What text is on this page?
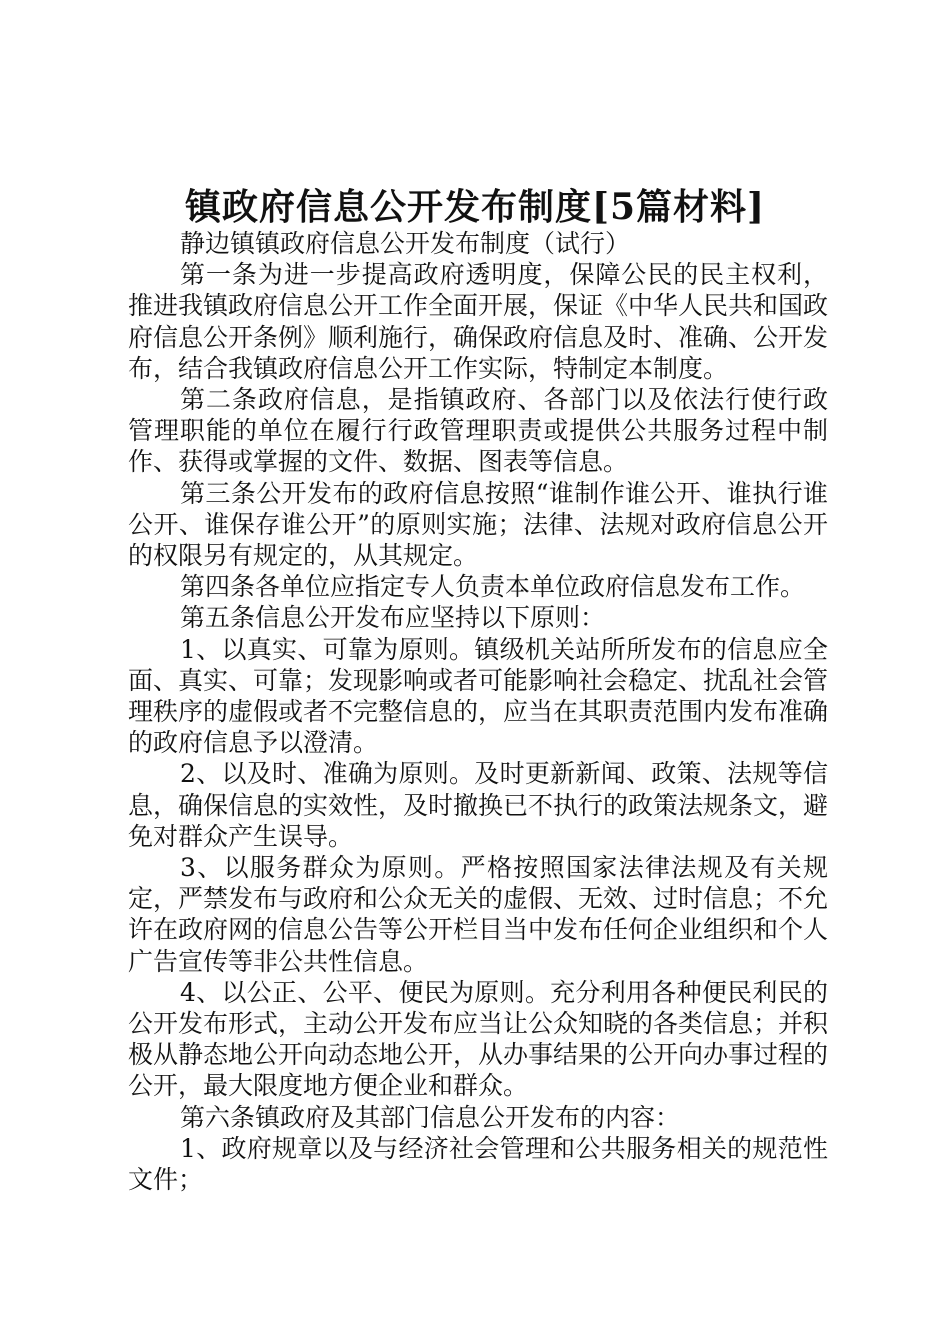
镇政府信息公开发布制度[5篇材料]

静边镇镇政府信息公开发布制度（试行）

第一条为进一步提高政府透明度，保障公民的民主权利，推进我镇政府信息公开工作全面开展，保证《中华人民共和国政府信息公开条例》顺利施行，确保政府信息及时、准确、公开发布，结合我镇政府信息公开工作实际，特制定本制度。

第二条政府信息，是指镇政府、各部门以及依法行使行政管理职能的单位在履行行政管理职责或提供公共服务过程中制作、获得或掌握的文件、数据、图表等信息。

第三条公开发布的政府信息按照“谁制作谁公开、谁执行谁公开、谁保存谁公开”的原则实施；法律、法规对政府信息公开的权限另有规定的，从其规定。

第四条各单位应指定专人负责本单位政府信息发布工作。

第五条信息公开发布应坚持以下原则：

1、以真实、可靠为原则。镇级机关站所所发布的信息应全面、真实、可靠；发现影响或者可能影响社会稳定、扰乱社会管理秩序的虚假或者不完整信息的，应当在其职责范围内发布准确的政府信息予以澄清。

2、以及时、准确为原则。及时更新新闻、政策、法规等信息，确保信息的实效性，及时撤换已不执行的政策法规条文，避免对群众产生误导。

3、以服务群众为原则。严格按照国家法律法规及有关规定，严禁发布与政府和公众无关的虚假、无效、过时信息；不允许在政府网的信息公告等公开栏目当中发布任何企业组织和个人广告宣传等非公共性信息。

4、以公正、公平、便民为原则。充分利用各种便民利民的公开发布形式，主动公开发布应当让公众知晓的各类信息；并积极从静态地公开向动态地公开，从办事结果的公开向办事过程的公开，最大限度地方便企业和群众。

第六条镇政府及其部门信息公开发布的内容：

1、政府规章以及与经济社会管理和公共服务相关的规范性文件；
